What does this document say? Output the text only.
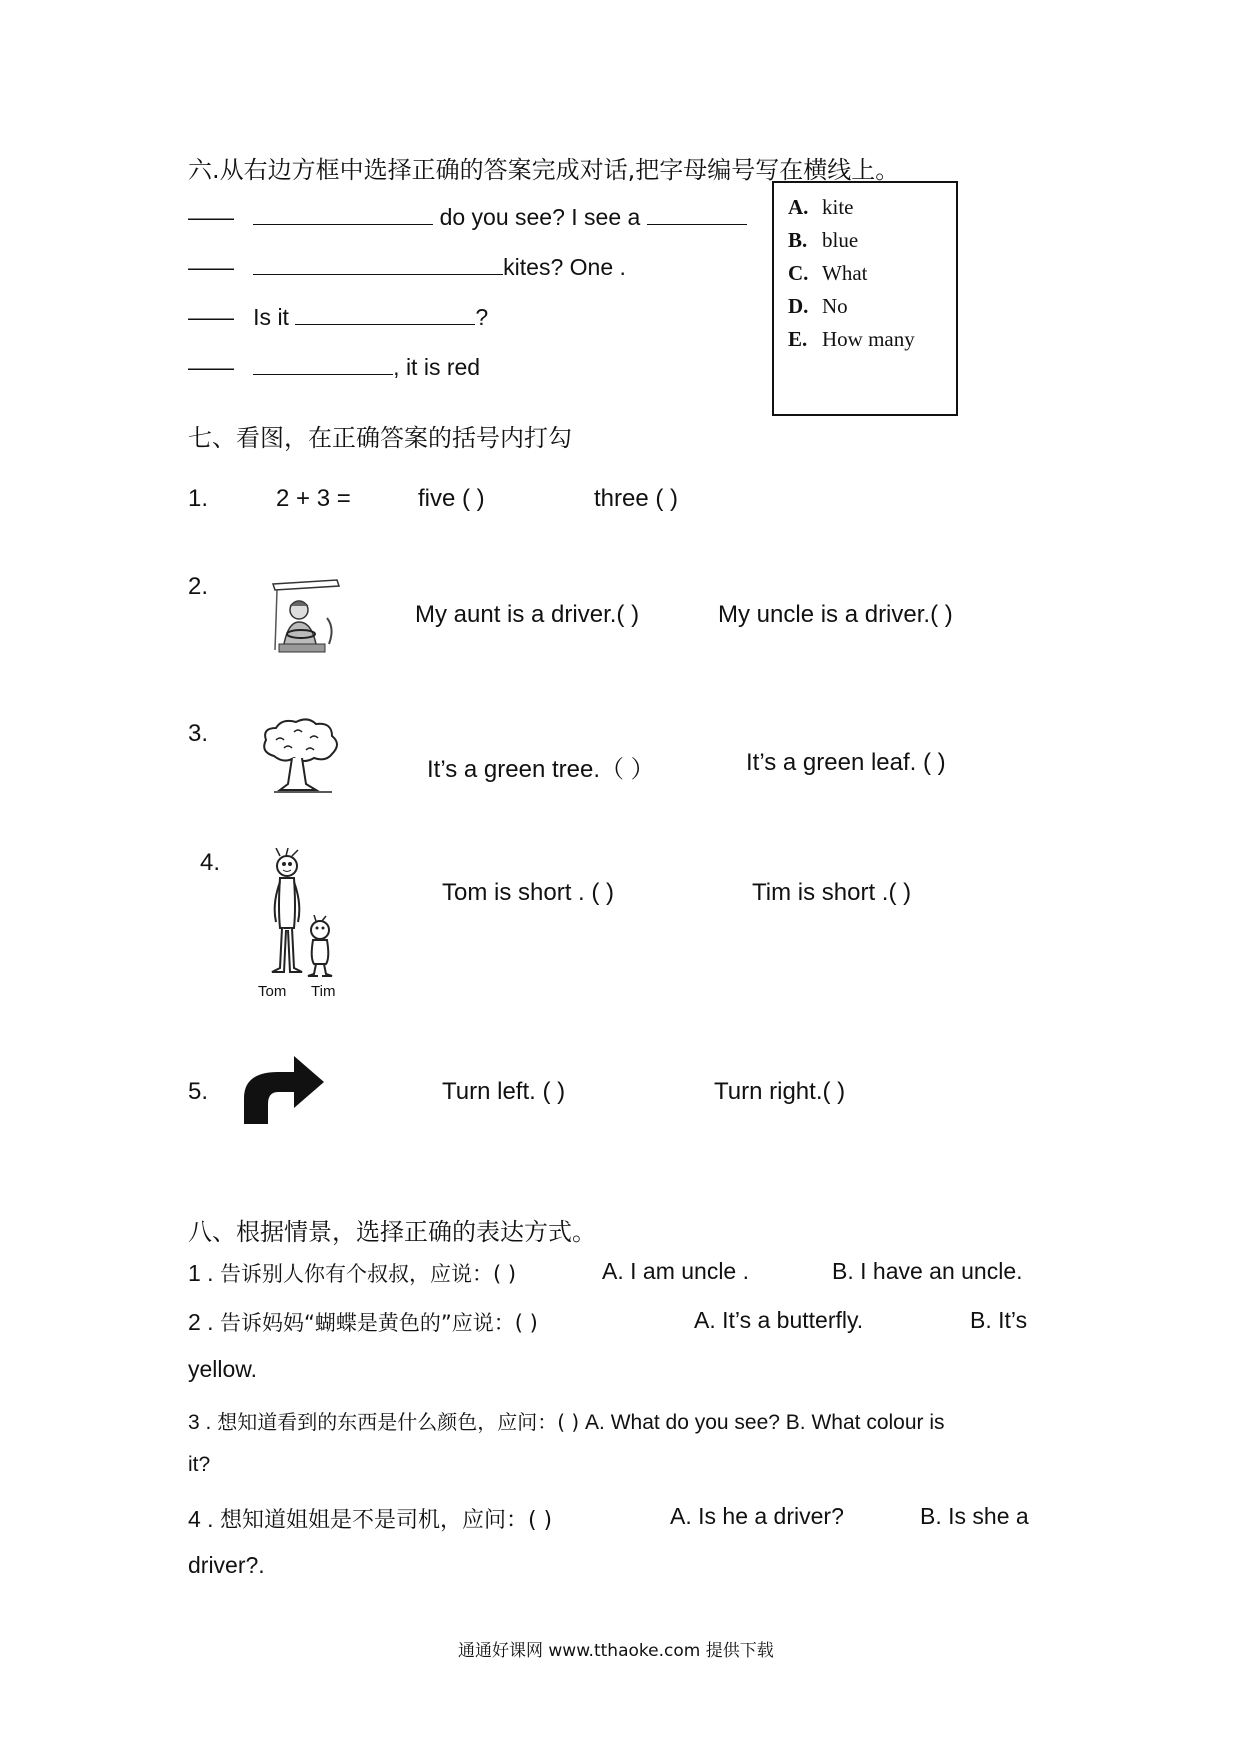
六.从右边方框中选择正确的答案完成对话,把字母编号写在横线上。
——	do you see? I see a
——	kites? One .
—— Is it	?
——	, it is red
A. kite
B. blue
C. What
D. No
E. How many
七、看图，在正确答案的括号内打勾
1.	2 + 3 =	five ( )	three ( )
2.
My aunt is a driver.( )	My uncle is a driver.( )
3.
It’s a green tree.（ ）	It’s a green leaf. ( )
4.
Tom Tim
Tom is short . ( )	Tim is short .( )
5.	Turn left. ( )	Turn right.( )
八、根据情景，选择正确的表达方式。
1 . 告诉别人你有个叔叔，应说：( )	A. I am uncle .	B. I have an uncle.
2 . 告诉妈妈“蝴蝶是黄色的”应说：( )	A. It’s a butterfly.	B. It’s
yellow.
3 . 想知道看到的东西是什么颜色，应问：( ) A. What do you see? B. What colour is
it?
4 . 想知道姐姐是不是司机，应问：( )	A. Is he a driver?	B. Is she a
driver?.
通通好课网 www.tthaoke.com 提供下载
